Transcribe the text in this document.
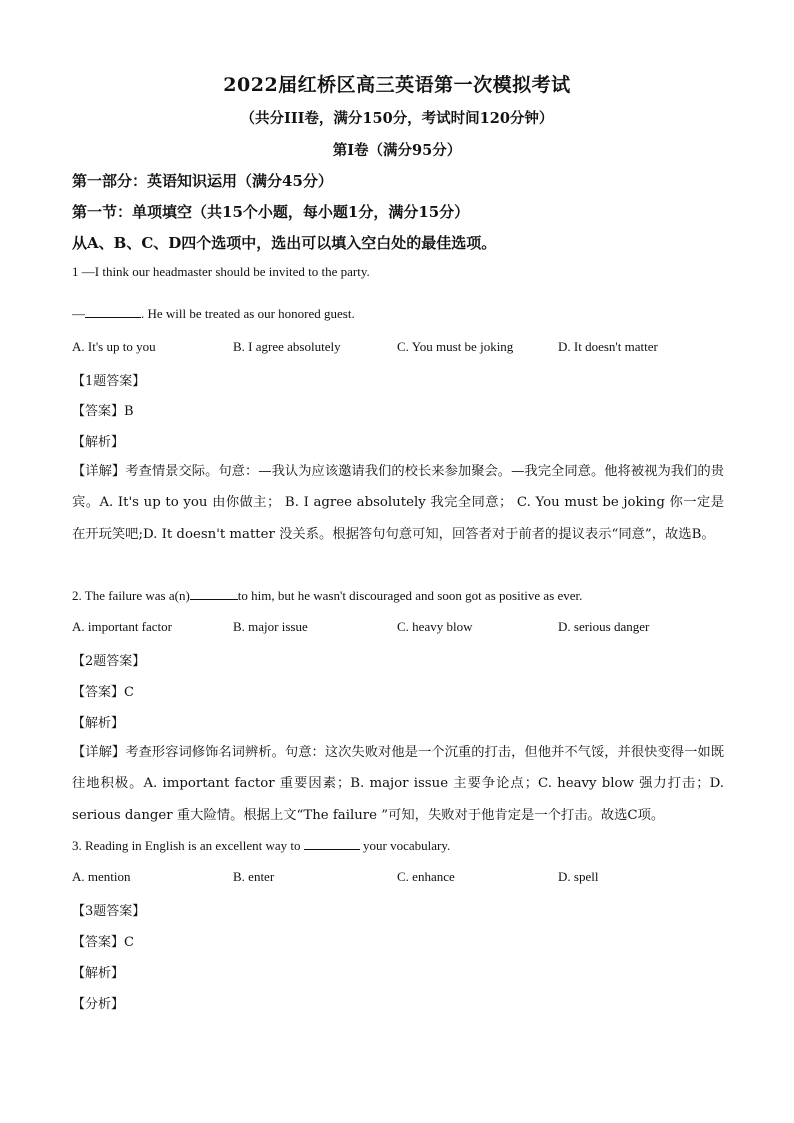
2022届红桥区高三英语第一次模拟考试
（共分III卷，满分150分，考试时间120分钟）
第I卷（满分95分）
第一部分：英语知识运用（满分45分）
第一节：单项填空（共15个小题，每小题1分，满分15分）
从A、B、C、D四个选项中，选出可以填入空白处的最佳选项。
1 —I think our headmaster should be invited to the party.
—	. He will be treated as our honored guest.
A. It's up to you	B. I agree absolutely	C. You must be joking	D. It doesn't matter
【1题答案】
【答案】B
【解析】
【详解】考查情景交际。句意：—我认为应该邀请我们的校长来参加聚会。—我完全同意。他将被视为我们的贵宾。A. It's up to you 由你做主； B. I agree absolutely 我完全同意； C. You must be joking 你一定是在开玩笑吧;D. It doesn't matter 没关系。根据答句句意可知，回答者对于前者的提议表示“同意”，故选B。
2. The failure was a(n)	to him, but he wasn't discouraged and soon got as positive as ever.
A. important factor	B. major issue	C. heavy blow	D. serious danger
【2题答案】
【答案】C
【解析】
【详解】考查形容词修饰名词辨析。句意：这次失败对他是一个沉重的打击，但他并不气馁，并很快变得一如既往地积极。A. important factor 重要因素；B. major issue 主要争论点；C. heavy blow 强力打击；D. serious danger 重大险情。根据上文“The failure ”可知，失败对于他肯定是一个打击。故选C项。
3. Reading in English is an excellent way to	your vocabulary.
A. mention	B. enter	C. enhance	D. spell
【3题答案】
【答案】C
【解析】
【分析】
